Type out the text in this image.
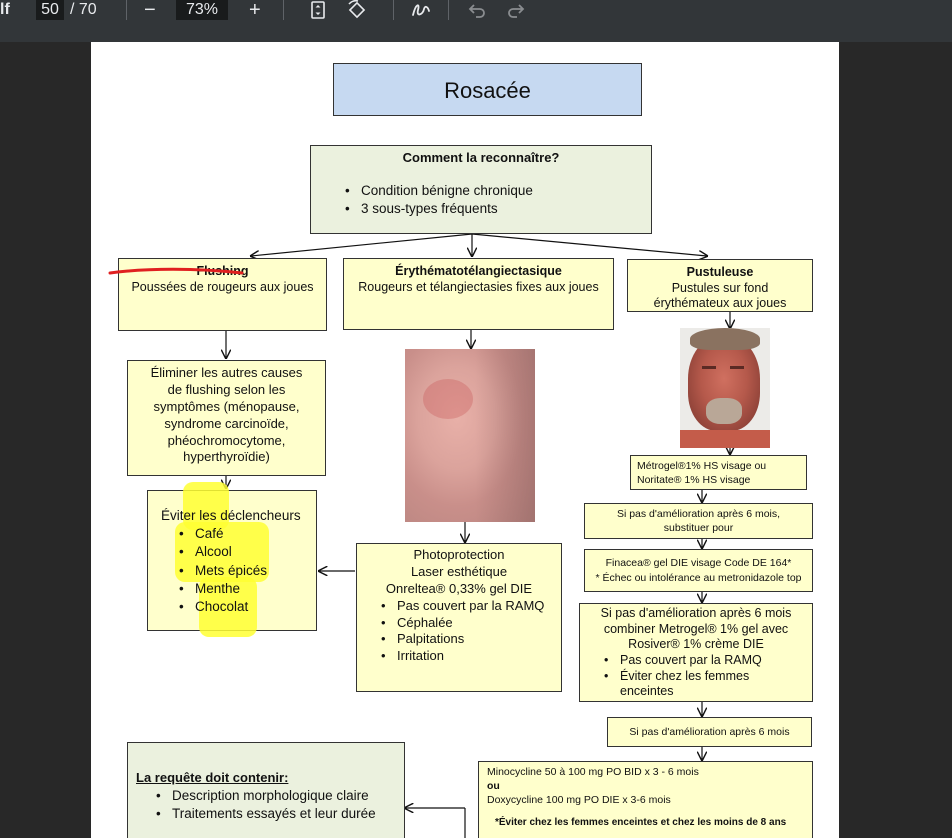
lf	50 / 70 −	73%	+
Rosacée
Comment la reconnaître?
• Condition bénigne chronique
• 3 sous-types fréquents
Flushing
Poussées de rougeurs aux joues
Érythématotélangiectasique
Rougeurs et télangiectasies fixes aux joues
Pustuleuse
Pustules sur fond
érythémateux aux joues
Éliminer les autres causes
de flushing selon les
symptômes (ménopause,
syndrome carcinoïde,
phéochromocytome,
hyperthyroïdie)
Éviter les déclencheurs
• Café
• Alcool
• Mets épicés
• Menthe
• Chocolat
Photoprotection
Laser esthétique
Onreltea® 0,33% gel DIE
• Pas couvert par la RAMQ
• Céphalée
• Palpitations
• Irritation
Métrogel®1% HS visage ou
Noritate® 1% HS visage
Si pas d'amélioration après 6 mois,
substituer pour
Finacea® gel DIE visage Code DE 164*
* Échec ou intolérance au metronidazole top
Si pas d'amélioration après 6 mois
combiner Metrogel® 1% gel avec
Rosiver® 1% crème DIE
• Pas couvert par la RAMQ
• Éviter chez les femmes enceintes
Si pas d'amélioration après 6 mois
Minocycline 50 à 100 mg PO BID x 3 - 6 mois
ou
Doxycycline 100 mg PO DIE x 3-6 mois
*Éviter chez les femmes enceintes et chez les moins de 8 ans
La requête doit contenir:
• Description morphologique claire
• Traitements essayés et leur durée
